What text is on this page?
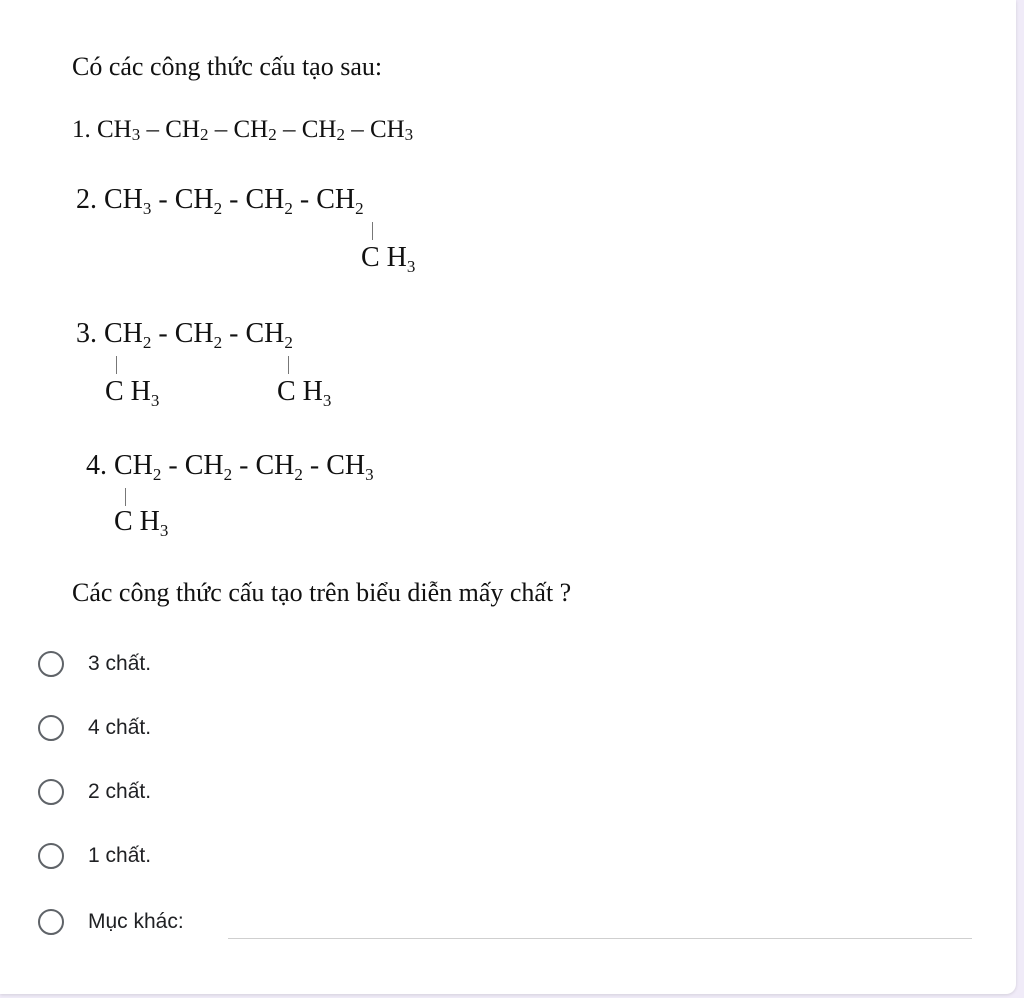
Có các công thức cấu tạo sau:
1. $CH_3 - CH_2 - CH_2 - CH_2 - CH_3$
2. $CH_3 - CH_2 - CH_2 - CH_2$
C $H_3$
3. $CH_2 - CH_2 - CH_2$
C $H_3$	C $H_3$
4. $CH_2 - CH_2 - CH_2 - CH_3$
C $H_3$
Các công thức cấu tạo trên biểu diễn mấy chất ?
3 chất.
4 chất.
2 chất.
1 chất.
Mục khác:
